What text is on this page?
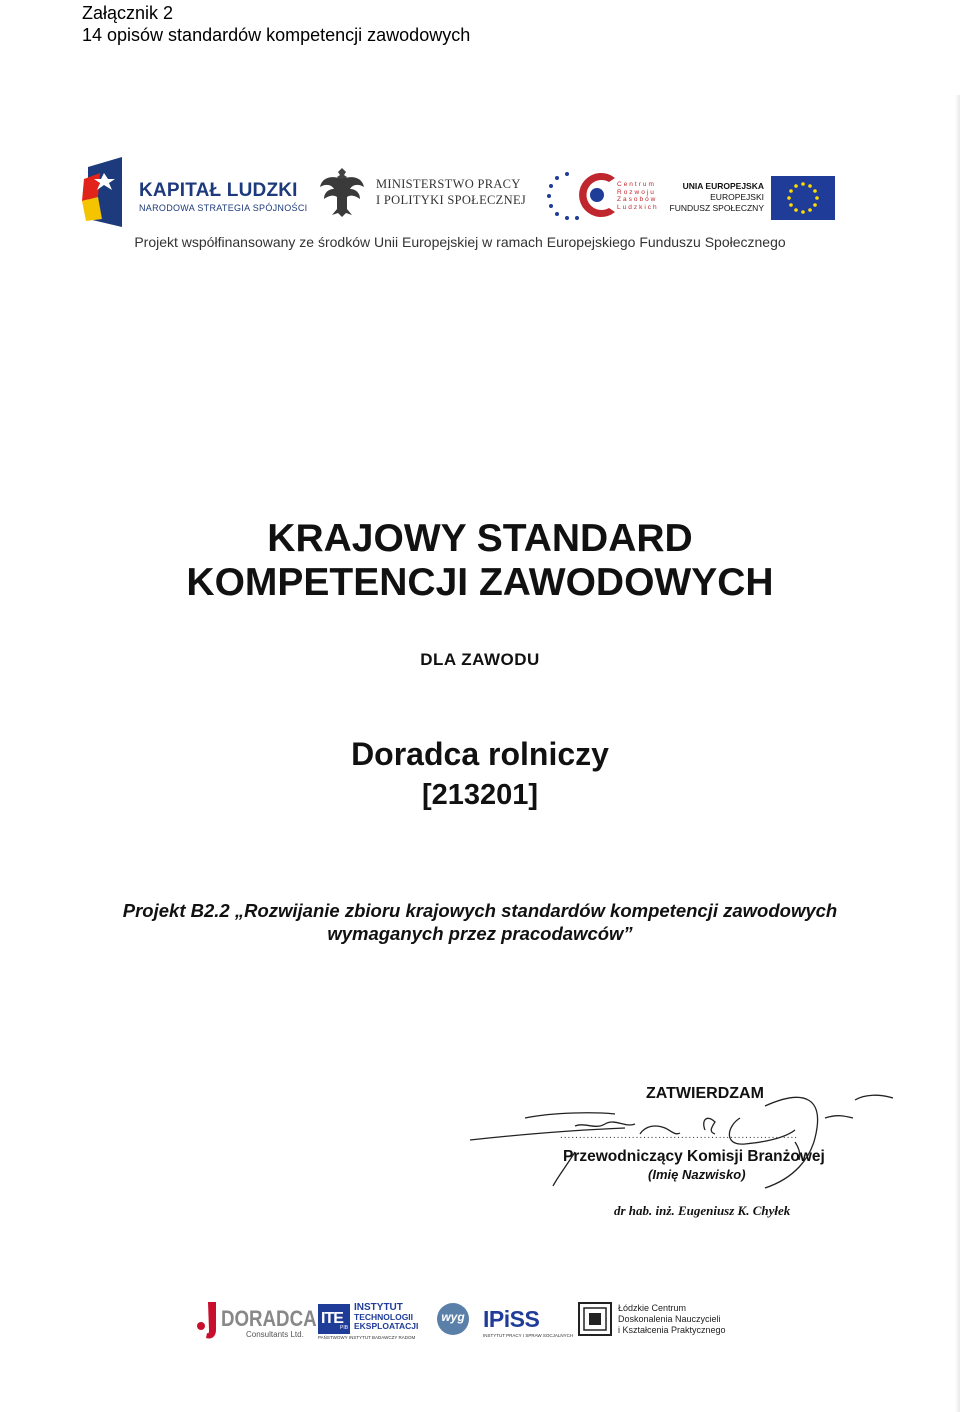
Załącznik 2
14 opisów standardów kompetencji zawodowych
KAPITAŁ LUDZKI
NARODOWA STRATEGIA SPÓJNOŚCI
MINISTERSTWO PRACY
I POLITYKI SPOŁECZNEJ
Centrum
Rozwoju
Zasobów
Ludzkich
UNIA EUROPEJSKA
EUROPEJSKI
FUNDUSZ SPOŁECZNY
Projekt współfinansowany ze środków Unii Europejskiej w ramach Europejskiego Funduszu Społecznego
KRAJOWY STANDARD
KOMPETENCJI ZAWODOWYCH
DLA ZAWODU
Doradca rolniczy
[213201]
Projekt B2.2 „Rozwijanie zbioru krajowych standardów kompetencji zawodowych
wymaganych przez pracodawców”
ZATWIERDZAM
...............................................................
Przewodniczący Komisji Branżowej
(Imię Nazwisko)
dr hab. inż. Eugeniusz K. Chyłek
DORADCA
Consultants Ltd.
ITE
PIB
INSTYTUT
TECHNOLOGII
EKSPLOATACJI
PAŃSTWOWY INSTYTUT BADAWCZY RADOM
wyg IPiSS
INSTYTUT PRACY I SPRAW SOCJALNYCH
Łódzkie Centrum
Doskonalenia Nauczycieli
i Kształcenia Praktycznego
